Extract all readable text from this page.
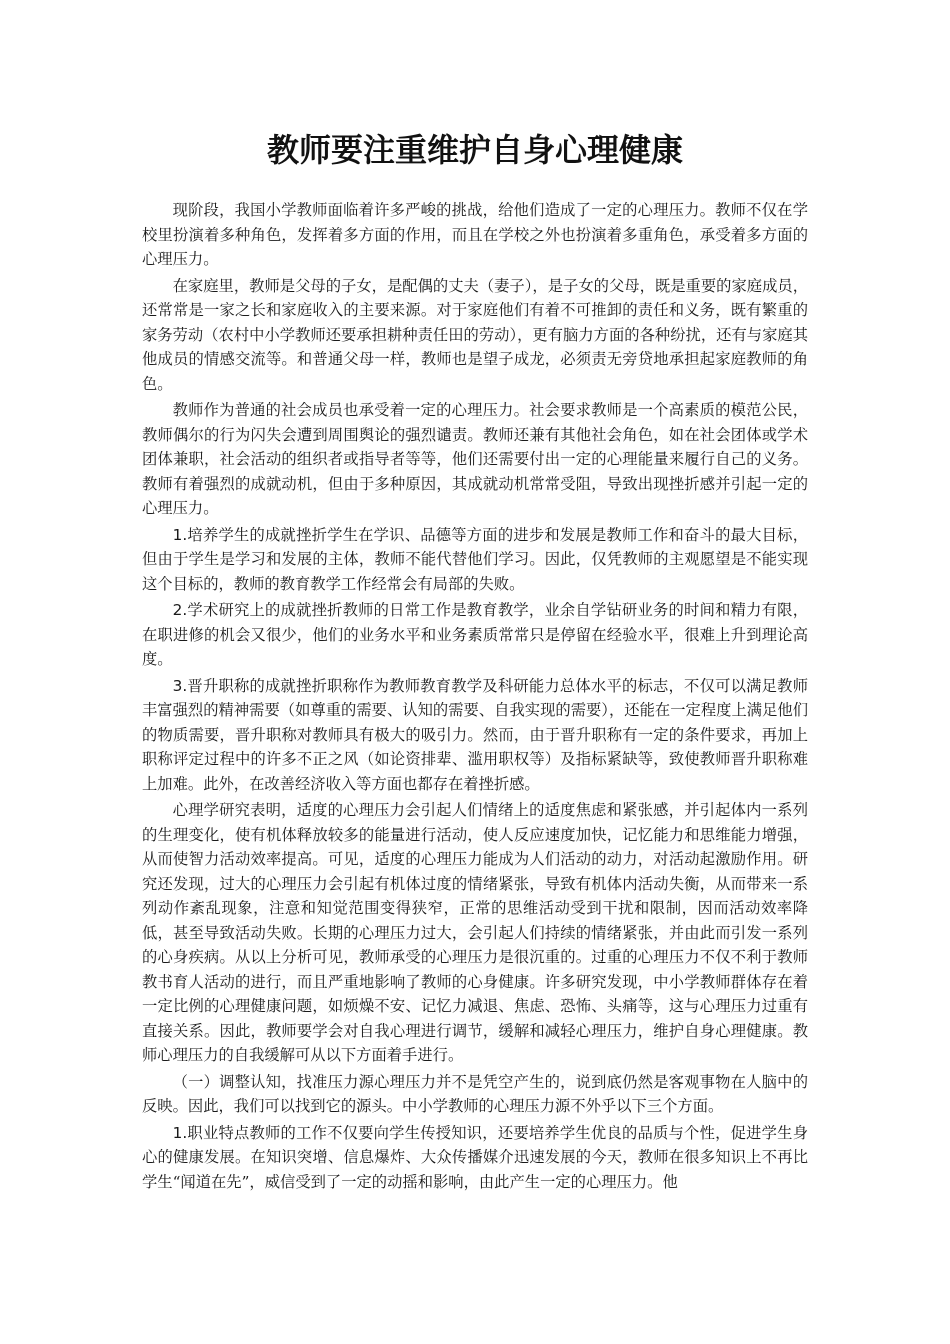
教师要注重维护自身心理健康

现阶段，我国小学教师面临着许多严峻的挑战，给他们造成了一定的心理压力。教师不仅在学校里扮演着多种角色，发挥着多方面的作用，而且在学校之外也扮演着多重角色，承受着多方面的心理压力。

在家庭里，教师是父母的子女，是配偶的丈夫（妻子），是子女的父母，既是重要的家庭成员，还常常是一家之长和家庭收入的主要来源。对于家庭他们有着不可推卸的责任和义务，既有繁重的家务劳动（农村中小学教师还要承担耕种责任田的劳动），更有脑力方面的各种纷扰，还有与家庭其他成员的情感交流等。和普通父母一样，教师也是望子成龙，必须责无旁贷地承担起家庭教师的角色。

教师作为普通的社会成员也承受着一定的心理压力。社会要求教师是一个高素质的模范公民，教师偶尔的行为闪失会遭到周围舆论的强烈谴责。教师还兼有其他社会角色，如在社会团体或学术团体兼职，社会活动的组织者或指导者等等，他们还需要付出一定的心理能量来履行自己的义务。教师有着强烈的成就动机，但由于多种原因，其成就动机常常受阻，导致出现挫折感并引起一定的心理压力。

1.培养学生的成就挫折学生在学识、品德等方面的进步和发展是教师工作和奋斗的最大目标，但由于学生是学习和发展的主体，教师不能代替他们学习。因此，仅凭教师的主观愿望是不能实现这个目标的，教师的教育教学工作经常会有局部的失败。

2.学术研究上的成就挫折教师的日常工作是教育教学，业余自学钻研业务的时间和精力有限，在职进修的机会又很少，他们的业务水平和业务素质常常只是停留在经验水平，很难上升到理论高度。

3.晋升职称的成就挫折职称作为教师教育教学及科研能力总体水平的标志，不仅可以满足教师丰富强烈的精神需要（如尊重的需要、认知的需要、自我实现的需要），还能在一定程度上满足他们的物质需要，晋升职称对教师具有极大的吸引力。然而，由于晋升职称有一定的条件要求，再加上职称评定过程中的许多不正之风（如论资排辈、滥用职权等）及指标紧缺等，致使教师晋升职称难上加难。此外，在改善经济收入等方面也都存在着挫折感。

心理学研究表明，适度的心理压力会引起人们情绪上的适度焦虑和紧张感，并引起体内一系列的生理变化，使有机体释放较多的能量进行活动，使人反应速度加快，记忆能力和思维能力增强，从而使智力活动效率提高。可见，适度的心理压力能成为人们活动的动力，对活动起激励作用。研究还发现，过大的心理压力会引起有机体过度的情绪紧张，导致有机体内活动失衡，从而带来一系列动作紊乱现象，注意和知觉范围变得狭窄，正常的思维活动受到干扰和限制，因而活动效率降低，甚至导致活动失败。长期的心理压力过大，会引起人们持续的情绪紧张，并由此而引发一系列的心身疾病。从以上分析可见，教师承受的心理压力是很沉重的。过重的心理压力不仅不利于教师教书育人活动的进行，而且严重地影响了教师的心身健康。许多研究发现，中小学教师群体存在着一定比例的心理健康问题，如烦燥不安、记忆力减退、焦虑、恐怖、头痛等，这与心理压力过重有直接关系。因此，教师要学会对自我心理进行调节，缓解和减轻心理压力，维护自身心理健康。教师心理压力的自我缓解可从以下方面着手进行。

（一）调整认知，找准压力源心理压力并不是凭空产生的，说到底仍然是客观事物在人脑中的反映。因此，我们可以找到它的源头。中小学教师的心理压力源不外乎以下三个方面。

1.职业特点教师的工作不仅要向学生传授知识，还要培养学生优良的品质与个性，促进学生身心的健康发展。在知识突增、信息爆炸、大众传播媒介迅速发展的今天，教师在很多知识上不再比学生“闻道在先”，威信受到了一定的动摇和影响，由此产生一定的心理压力。他
